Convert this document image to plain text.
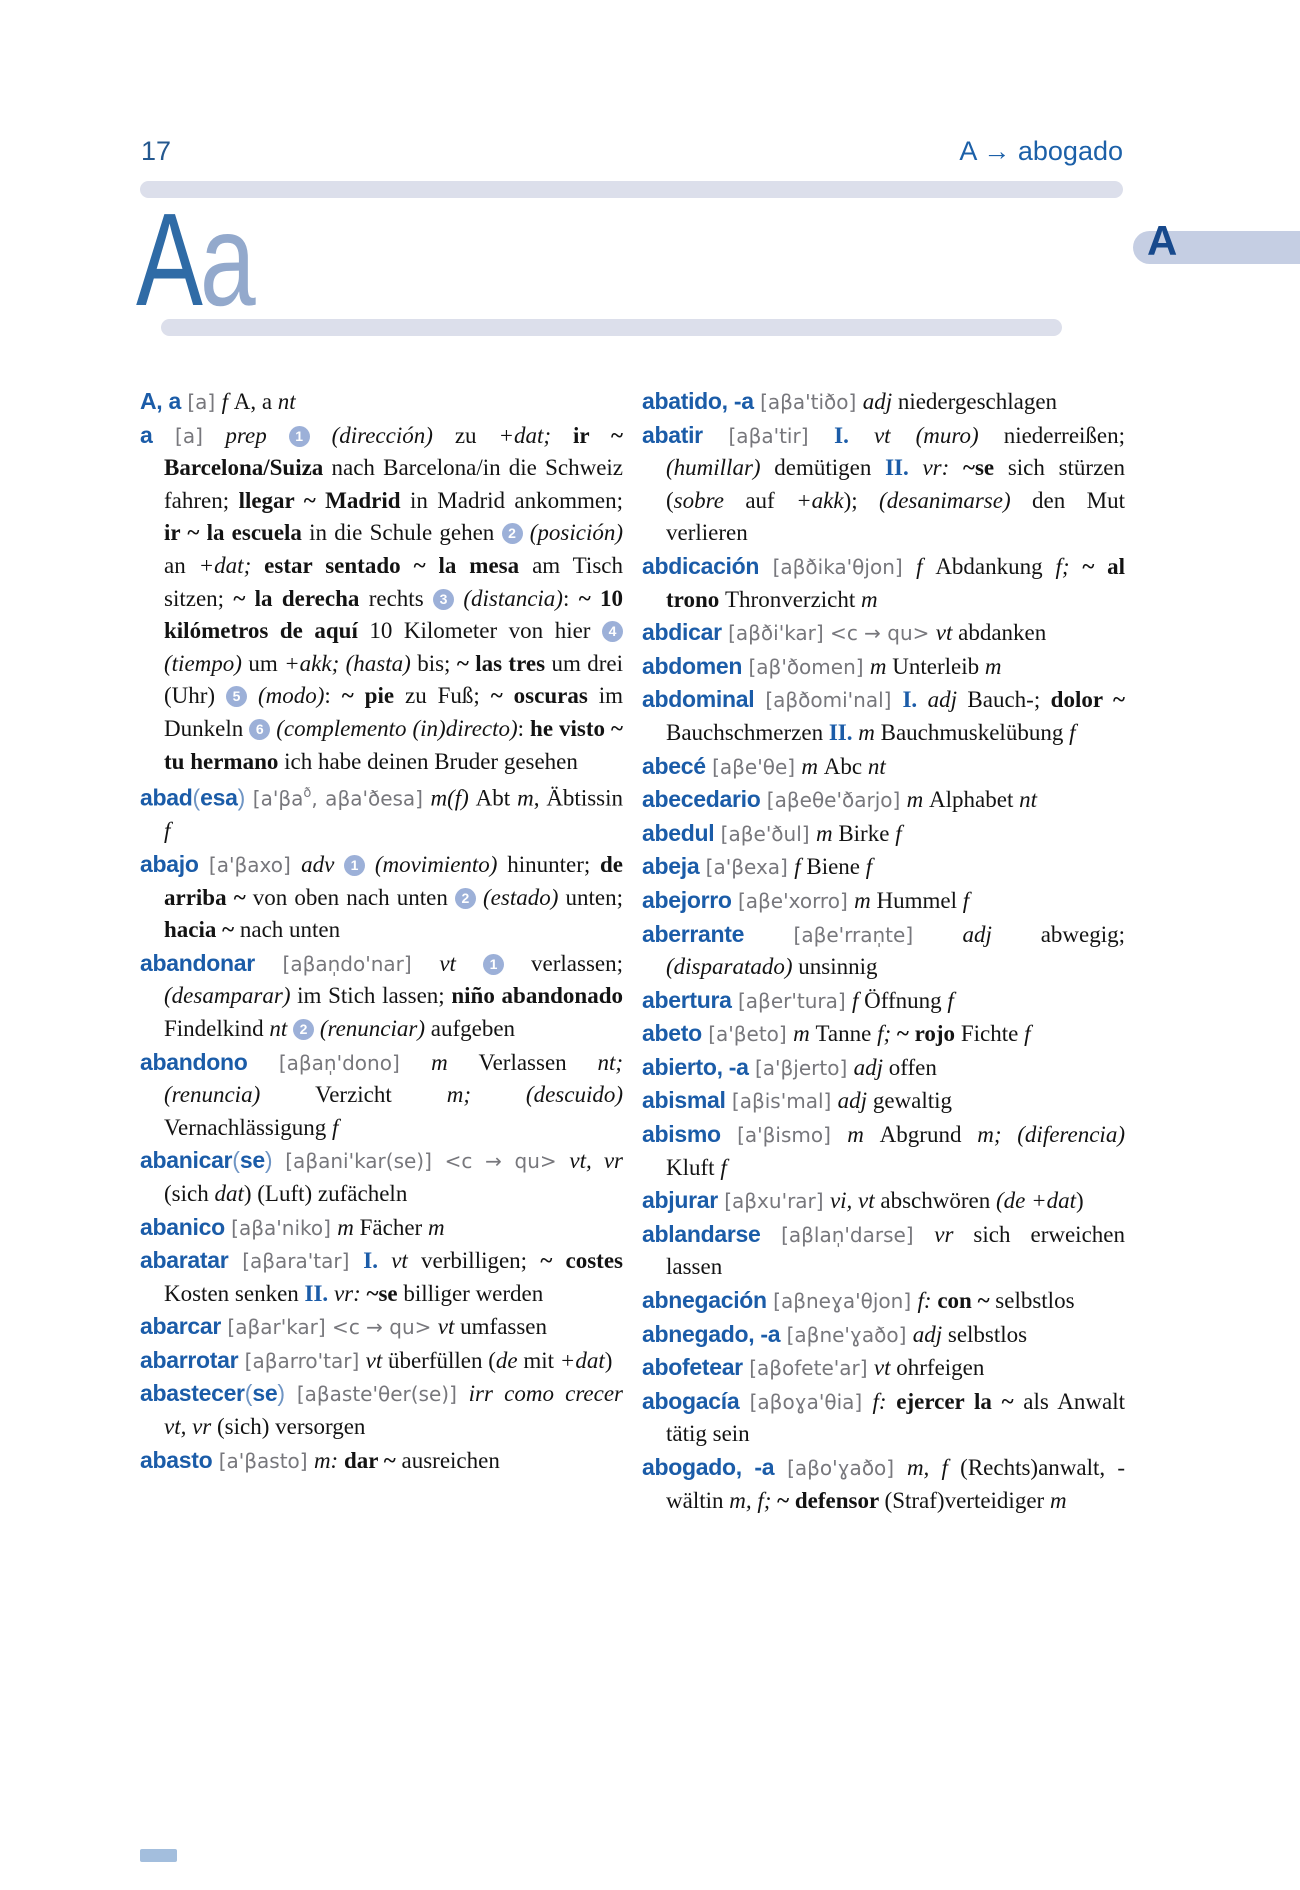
17	A → abogado
Aa	A
A, a [a] f A, a nt
a [a] prep 1 (dirección) zu +dat; ir ~ Barcelona/Suiza nach Barcelona/in die Schweiz fahren; llegar ~ Madrid in Madrid ankommen; ir ~ la escuela in die Schule gehen 2 (posición) an +dat; estar sentado ~ la mesa am Tisch sitzen; ~ la derecha rechts 3 (distancia): ~ 10 kilómetros de aquí 10 Kilometer von hier 4 (tiempo) um +akk; (hasta) bis; ~ las tres um drei (Uhr) 5 (modo): ~ pie zu Fuß; ~ oscuras im Dunkeln 6 (complemento (in)directo): he visto ~ tu hermano ich habe deinen Bruder gesehen
abad(esa) [$a'\beta a^ð$, aβa'ðesa] m(f) Abt m, Äbtissin f
abajo [a'βaxo] adv 1 (movimiento) hinunter; de arriba ~ von oben nach unten 2 (estado) unten; hacia ~ nach unten
abandonar [aβan̩do'nar] vt 1 verlassen; (desamparar) im Stich lassen; niño abandonado Findelkind nt 2 (renunciar) aufgeben
abandono [aβan̩'dono] m Verlassen nt; (renuncia) Verzicht m; (descuido) Vernachlässigung f
abanicar(se) [aβani'kar(se)] <c → qu> vt, vr (sich dat) (Luft) zufächeln
abanico [aβa'niko] m Fächer m
abaratar [aβara'tar] I. vt verbilligen; ~ costes Kosten senken II. vr: ~se billiger werden
abarcar [aβar'kar] <c → qu> vt umfassen
abarrotar [aβarro'tar] vt überfüllen (de mit +dat)
abastecer(se) [aβaste'θer(se)] irr como crecer vt, vr (sich) versorgen
abasto [a'βasto] m: dar ~ ausreichen
abatido, -a [aβa'tiðo] adj niedergeschlagen
abatir [aβa'tir] I. vt (muro) niederreißen; (humillar) demütigen II. vr: ~se sich stürzen (sobre auf +akk); (desanimarse) den Mut verlieren
abdicación [aβðika'θjon] f Abdankung f; ~ al trono Thronverzicht m
abdicar [aβði'kar] <c → qu> vt abdanken
abdomen [aβ'ðomen] m Unterleib m
abdominal [aβðomi'nal] I. adj Bauch-; dolor ~ Bauchschmerzen II. m Bauchmuskelübung f
abecé [aβe'θe] m Abc nt
abecedario [aβeθe'ðarjo] m Alphabet nt
abedul [aβe'ðul] m Birke f
abeja [a'βexa] f Biene f
abejorro [aβe'xorro] m Hummel f
aberrante [aβe'rran̩te] adj abwegig; (disparatado) unsinnig
abertura [aβer'tura] f Öffnung f
abeto [a'βeto] m Tanne f; ~ rojo Fichte f
abierto, -a [a'βjerto] adj offen
abismal [aβis'mal] adj gewaltig
abismo [a'βismo] m Abgrund m; (diferencia) Kluft f
abjurar [aβxu'rar] vi, vt abschwören (de +dat)
ablandarse [aβlan̩'darse] vr sich erweichen lassen
abnegación [aβneɣa'θjon] f: con ~ selbstlos
abnegado, -a [aβne'ɣaðo] adj selbstlos
abofetear [aβofete'ar] vt ohrfeigen
abogacía [aβoɣa'θia] f: ejercer la ~ als Anwalt tätig sein
abogado, -a [aβo'ɣaðo] m, f (Rechts)anwalt, -wältin m, f; ~ defensor (Straf)verteidiger m
